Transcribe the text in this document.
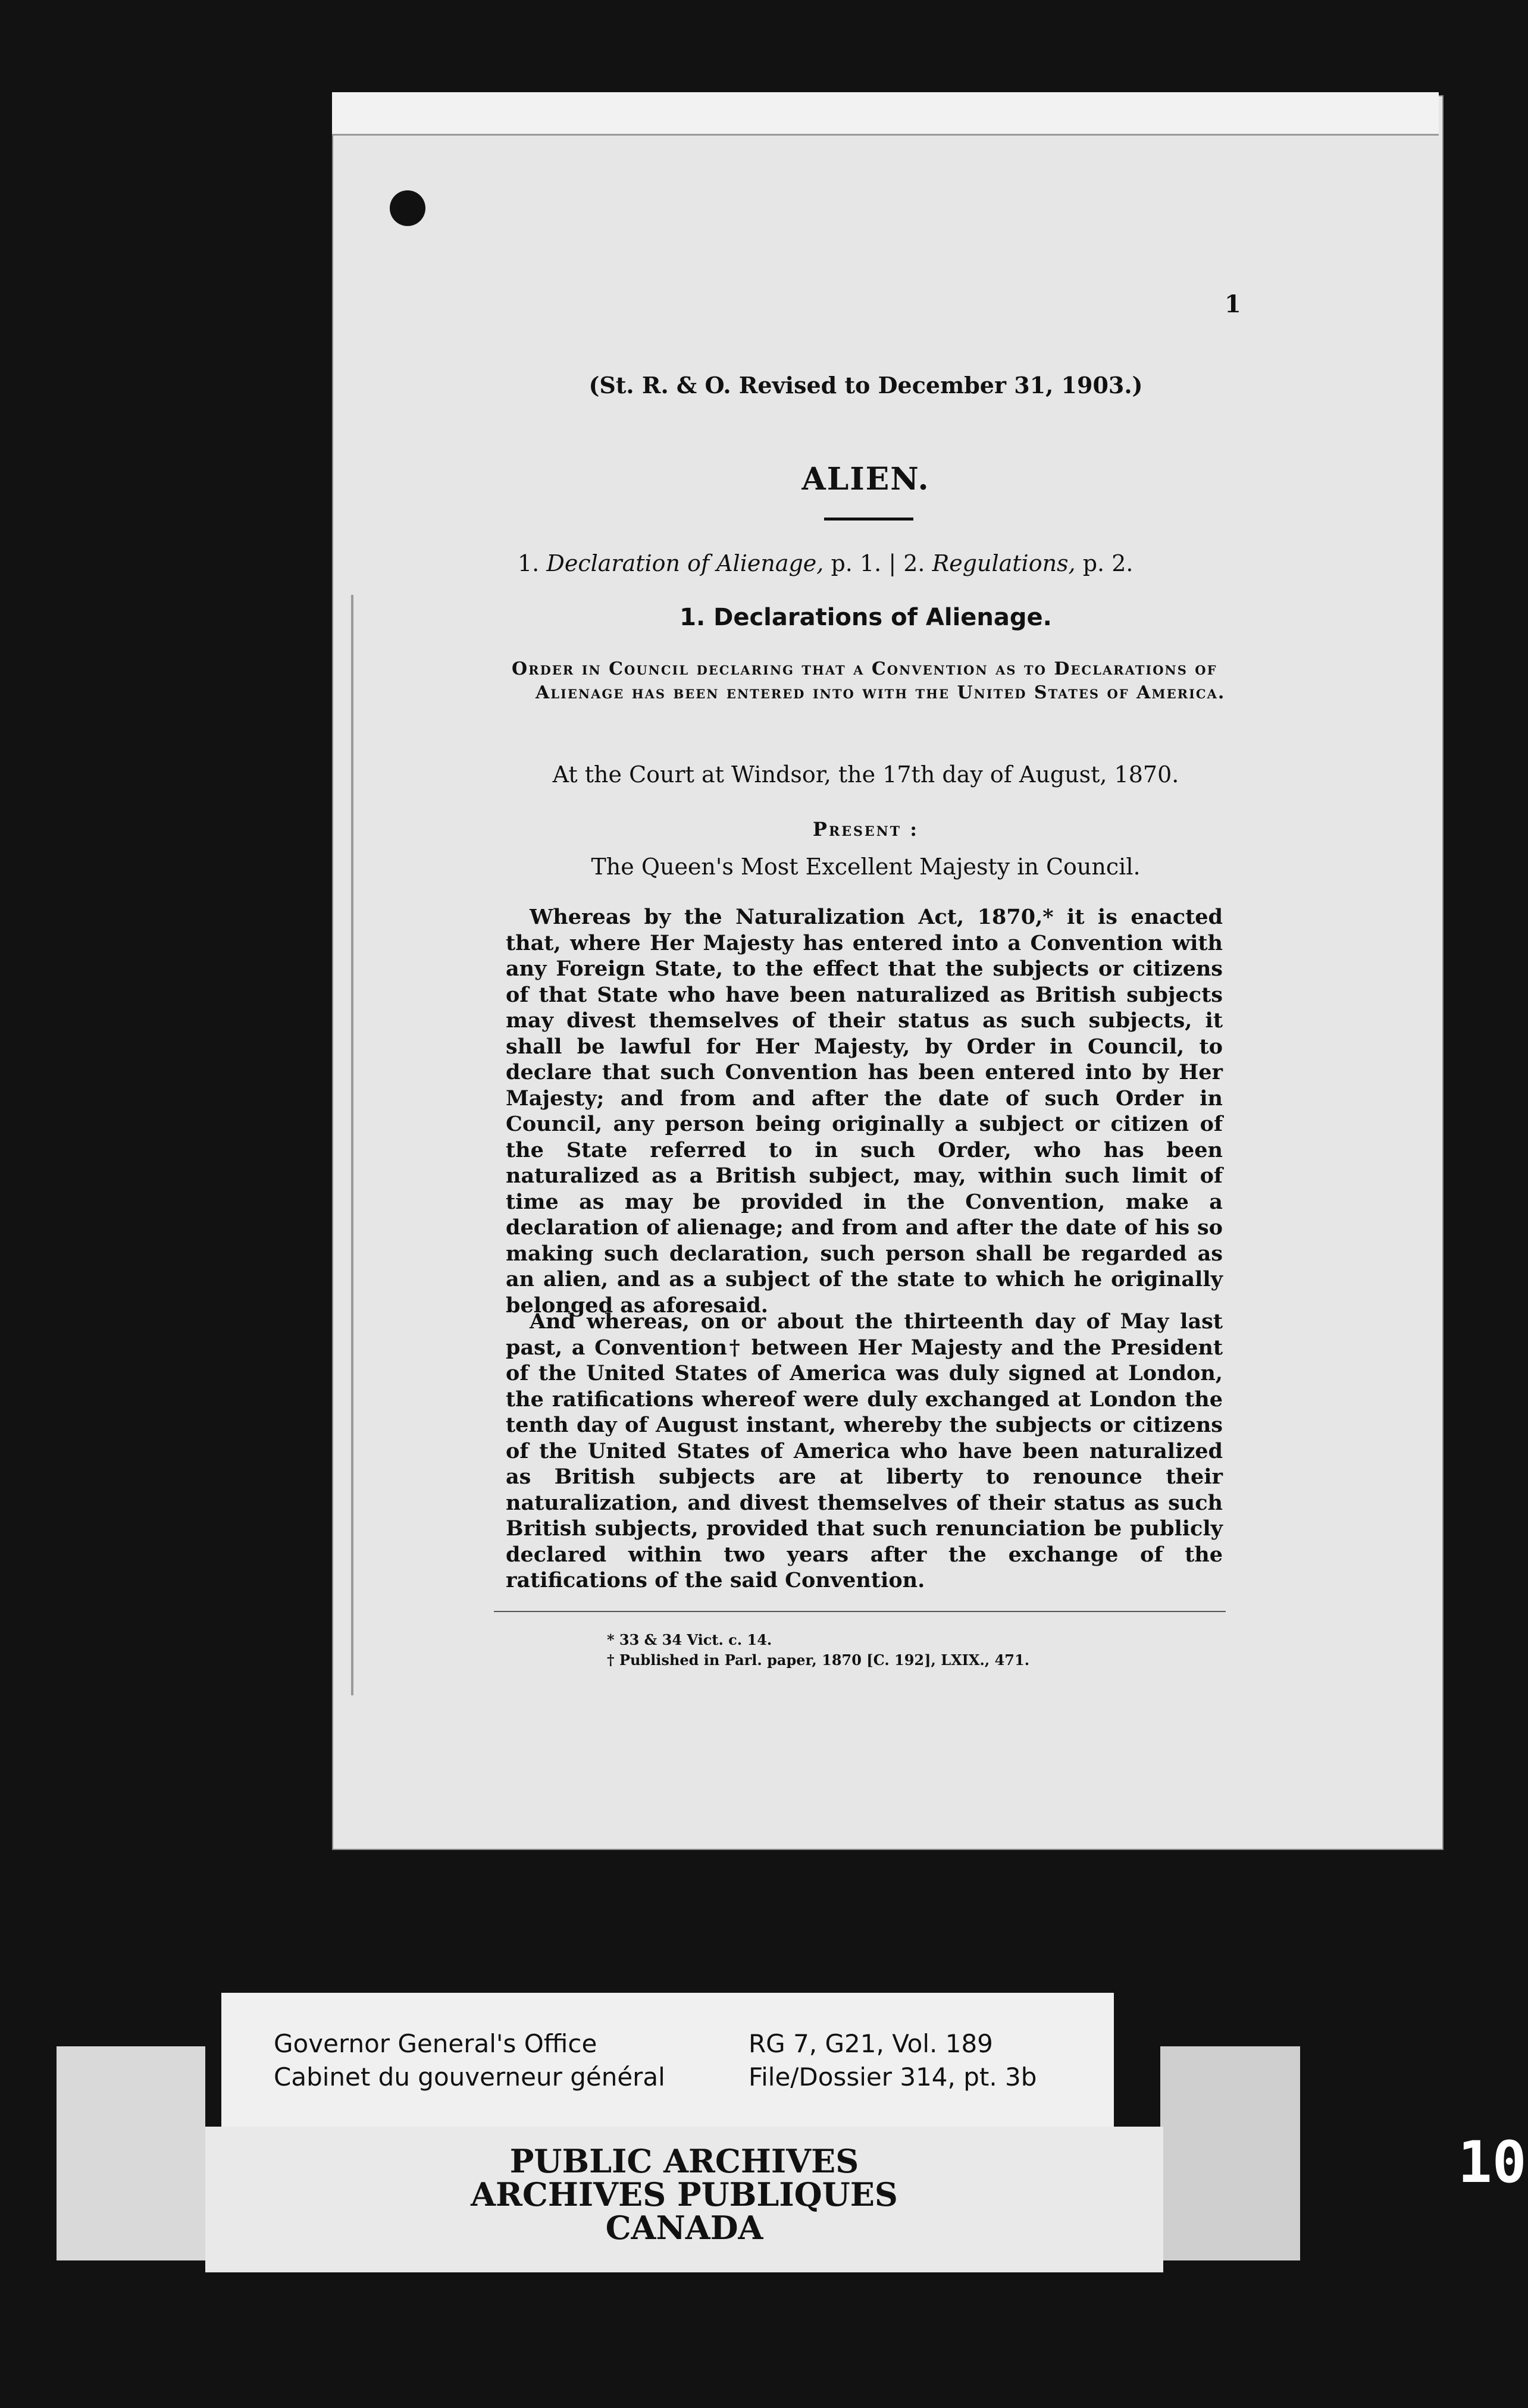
1
(St. R. & O. Revised to December 31, 1903.)
ALIEN.
1. Declaration of Alienage, p. 1. | 2. Regulations, p. 2.
1. Declarations of Alienage.
Order in Council declaring that a Convention as to Declarations of Alienage has been entered into with the United States of America.
At the Court at Windsor, the 17th day of August, 1870.
Present :
The Queen's Most Excellent Majesty in Council.
Whereas by the Naturalization Act, 1870,* it is enacted that, where Her Majesty has entered into a Convention with any Foreign State, to the effect that the subjects or citizens of that State who have been naturalized as British subjects may divest themselves of their status as such subjects, it shall be lawful for Her Majesty, by Order in Council, to declare that such Convention has been entered into by Her Majesty; and from and after the date of such Order in Council, any person being originally a subject or citizen of the State referred to in such Order, who has been naturalized as a British subject, may, within such limit of time as may be provided in the Convention, make a declaration of alienage; and from and after the date of his so making such declaration, such person shall be regarded as an alien, and as a subject of the state to which he originally belonged as aforesaid.
And whereas, on or about the thirteenth day of May last past, a Convention† between Her Majesty and the President of the United States of America was duly signed at London, the ratifications whereof were duly exchanged at London the tenth day of August instant, whereby the subjects or citizens of the United States of America who have been naturalized as British subjects are at liberty to renounce their naturalization, and divest themselves of their status as such British subjects, provided that such renunciation be publicly declared within two years after the exchange of the ratifications of the said Convention.
* 33 & 34 Vict. c. 14.
† Published in Parl. paper, 1870 [C. 192], LXIX., 471.
Governor General's Office
Cabinet du gouverneur général
RG 7, G21, Vol. 189
File/Dossier 314, pt. 3b
PUBLIC ARCHIVES
ARCHIVES PUBLIQUES
CANADA
10
